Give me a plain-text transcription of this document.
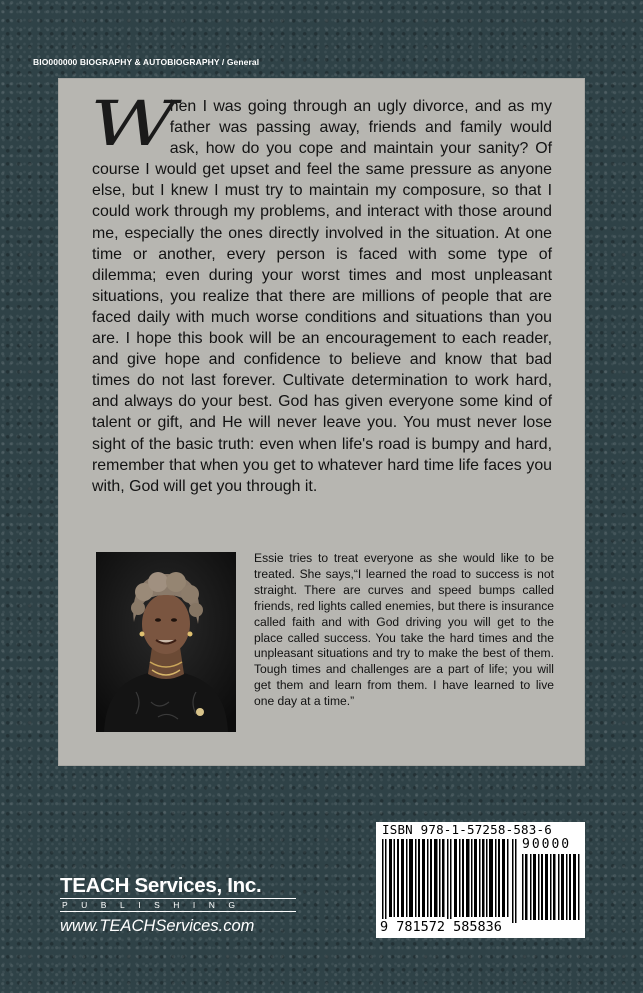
BIO000000 BIOGRAPHY & AUTOBIOGRAPHY / General

When I was going through an ugly divorce, and as my father was passing away, friends and family would ask, how do you cope and maintain your sanity? Of course I would get upset and feel the same pressure as anyone else, but I knew I must try to maintain my composure, so that I could work through my problems, and interact with those around me, especially the ones directly involved in the situation. At one time or another, every person is faced with some type of dilemma; even during your worst times and most unpleasant situations, you realize that there are millions of people that are faced daily with much worse conditions and situations than you are. I hope this book will be an encouragement to each reader, and give hope and confidence to believe and know that bad times do not last forever. Cultivate determination to work hard, and always do your best. God has given everyone some kind of talent or gift, and He will never leave you. You must never lose sight of the basic truth: even when life's road is bumpy and hard, remember that when you get to whatever hard time life faces you with, God will get you through it.

Essie tries to treat everyone as she would like to be treated. She says,“I learned the road to success is not straight. There are curves and speed bumps called friends, red lights called enemies, but there is insurance called faith and with God driving you will get to the place called success. You take the hard times and the unpleasant situations and try to make the best of them. Tough times and challenges are a part of life; you will get them and learn from them. I have learned to live one day at a time.”

ISBN 978-1-57258-583-6
90000
9 781572 585836
TEACH Services, Inc.
PUBLISHING
www.TEACHServices.com
